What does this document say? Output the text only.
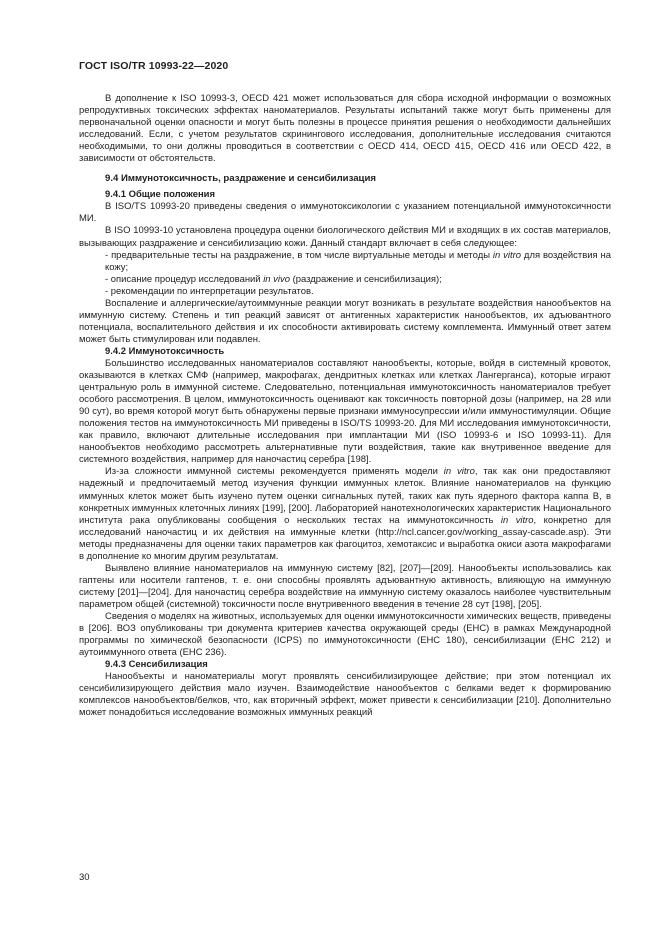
ГОСТ ISO/TR 10993-22—2020

В дополнение к ISO 10993-3, OECD 421 может использоваться для сбора исходной информации о возможных репродуктивных токсических эффектах наноматериалов. Результаты испытаний также могут быть применены для первоначальной оценки опасности и могут быть полезны в процессе принятия решения о необходимости дальнейших исследований. Если, с учетом результатов скринингового исследования, дополнительные исследования считаются необходимыми, то они должны проводиться в соответствии с OECD 414, OECD 415, OECD 416 или OECD 422, в зависимости от обстоятельств.

9.4 Иммунотоксичность, раздражение и сенсибилизация
9.4.1 Общие положения

В ISO/TS 10993-20 приведены сведения о иммунотоксикологии с указанием потенциальной иммунотоксичности МИ.

В ISO 10993-10 установлена процедура оценки биологического действия МИ и входящих в их состав материалов, вызывающих раздражение и сенсибилизацию кожи. Данный стандарт включает в себя следующее:

- предварительные тесты на раздражение, в том числе виртуальные методы и методы in vitro для воздействия на кожу;

- описание процедур исследований in vivo (раздражение и сенсибилизация);

- рекомендации по интерпретации результатов.

Воспаление и аллергические/аутоиммунные реакции могут возникать в результате воздействия нанообъектов на иммунную систему. Степень и тип реакций зависят от антигенных характеристик нанообъектов, их адъювантного потенциала, воспалительного действия и их способности активировать систему комплемента. Иммунный ответ затем может быть стимулирован или подавлен.

9.4.2 Иммунотоксичность

Большинство исследованных наноматериалов составляют нанообъекты, которые, войдя в системный кровоток, оказываются в клетках СМФ (например, макрофагах, дендритных клетках или клетках Лангерганса), которые играют центральную роль в иммунной системе. Следовательно, потенциальная иммунотоксичность наноматериалов требует особого рассмотрения. В целом, иммунотоксичность оценивают как токсичность повторной дозы (например, на 28 или 90 сут), во время которой могут быть обнаружены первые признаки иммуносупрессии и/или иммуностимуляции. Общие положения тестов на иммунотоксичность МИ приведены в ISO/TS 10993-20. Для МИ исследования иммунотоксичности, как правило, включают длительные исследования при имплантации МИ (ISO 10993-6 и ISO 10993-11). Для нанообъектов необходимо рассмотреть альтернативные пути воздействия, такие как внутривенное введение для системного воздействия, например для наночастиц серебра [198].

Из-за сложности иммунной системы рекомендуется применять модели in vitro, так как они предоставляют надежный и предпочитаемый метод изучения функции иммунных клеток. Влияние наноматериалов на функцию иммунных клеток может быть изучено путем оценки сигнальных путей, таких как путь ядерного фактора каппа В, в конкретных иммунных клеточных линиях [199], [200]. Лабораторией нанотехнологических характеристик Национального института рака опубликованы сообщения о нескольких тестах на иммунотоксичность in vitro, конкретно для исследований наночастиц и их действия на иммунные клетки (http://ncl.cancer.gov/working_assay-cascade.asp). Эти методы предназначены для оценки таких параметров как фагоцитоз, хемотаксис и выработка окиси азота макрофагами в дополнение ко многим другим результатам.

Выявлено влияние наноматериалов на иммунную систему [82], [207]—[209]. Нанообъекты использовались как гаптены или носители гаптенов, т. е. они способны проявлять адъювантную активность, влияющую на иммунную систему [201]—[204]. Для наночастиц серебра воздействие на иммунную систему оказалось наиболее чувствительным параметром общей (системной) токсичности после внутривенного введения в течение 28 сут [198], [205].

Сведения о моделях на животных, используемых для оценки иммунотоксичности химических веществ, приведены в [206]. ВОЗ опубликованы три документа критериев качества окружающей среды (ЕНС) в рамках Международной программы по химической безопасности (ICPS) по иммунотоксичности (ЕНС 180), сенсибилизации (ЕНС 212) и аутоиммунного ответа (ЕНС 236).

9.4.3 Сенсибилизация

Нанообъекты и наноматериалы могут проявлять сенсибилизирующее действие; при этом потенциал их сенсибилизирующего действия мало изучен. Взаимодействие нанообъектов с белками ведет к формированию комплексов нанообъектов/белков, что, как вторичный эффект, может привести к сенсибилизации [210]. Дополнительно может понадобиться исследование возможных иммунных реакций

30
